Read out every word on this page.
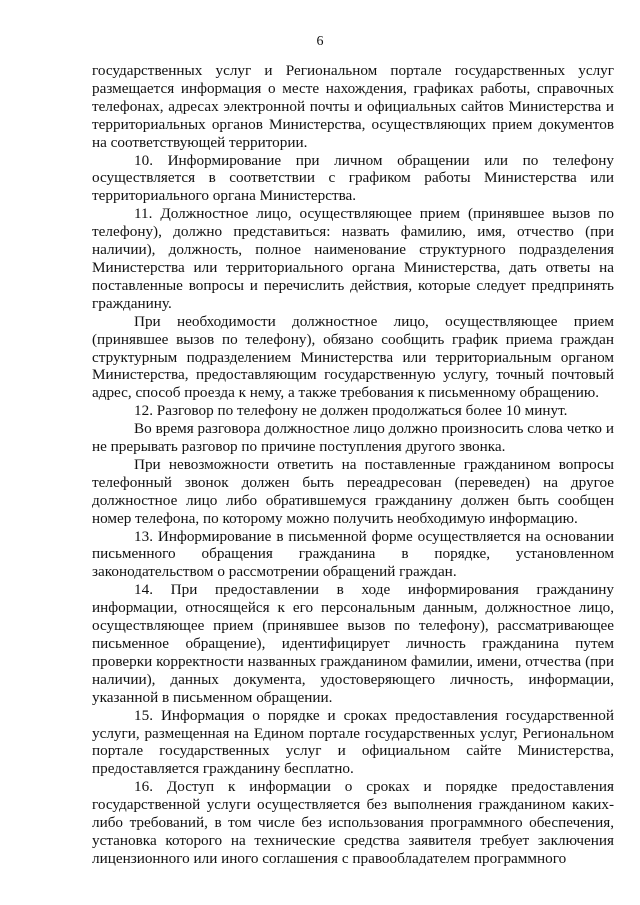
6

государственных услуг и Региональном портале государственных услуг размещается информация о месте нахождения, графиках работы, справочных телефонах, адресах электронной почты и официальных сайтов Министерства и территориальных органов Министерства, осуществляющих прием документов на соответствующей территории.

10. Информирование при личном обращении или по телефону осуществляется в соответствии с графиком работы Министерства или территориального органа Министерства.

11. Должностное лицо, осуществляющее прием (принявшее вызов по телефону), должно представиться: назвать фамилию, имя, отчество (при наличии), должность, полное наименование структурного подразделения Министерства или территориального органа Министерства, дать ответы на поставленные вопросы и перечислить действия, которые следует предпринять гражданину.

При необходимости должностное лицо, осуществляющее прием (принявшее вызов по телефону), обязано сообщить график приема граждан структурным подразделением Министерства или территориальным органом Министерства, предоставляющим государственную услугу, точный почтовый адрес, способ проезда к нему, а также требования к письменному обращению.

12. Разговор по телефону не должен продолжаться более 10 минут.

Во время разговора должностное лицо должно произносить слова четко и не прерывать разговор по причине поступления другого звонка.

При невозможности ответить на поставленные гражданином вопросы телефонный звонок должен быть переадресован (переведен) на другое должностное лицо либо обратившемуся гражданину должен быть сообщен номер телефона, по которому можно получить необходимую информацию.

13. Информирование в письменной форме осуществляется на основании письменного обращения гражданина в порядке, установленном законодательством о рассмотрении обращений граждан.

14. При предоставлении в ходе информирования гражданину информации, относящейся к его персональным данным, должностное лицо, осуществляющее прием (принявшее вызов по телефону), рассматривающее письменное обращение), идентифицирует личность гражданина путем проверки корректности названных гражданином фамилии, имени, отчества (при наличии), данных документа, удостоверяющего личность, информации, указанной в письменном обращении.

15. Информация о порядке и сроках предоставления государственной услуги, размещенная на Едином портале государственных услуг, Региональном портале государственных услуг и официальном сайте Министерства, предоставляется гражданину бесплатно.

16. Доступ к информации о сроках и порядке предоставления государственной услуги осуществляется без выполнения гражданином каких-либо требований, в том числе без использования программного обеспечения, установка которого на технические средства заявителя требует заключения лицензионного или иного соглашения с правообладателем программного
